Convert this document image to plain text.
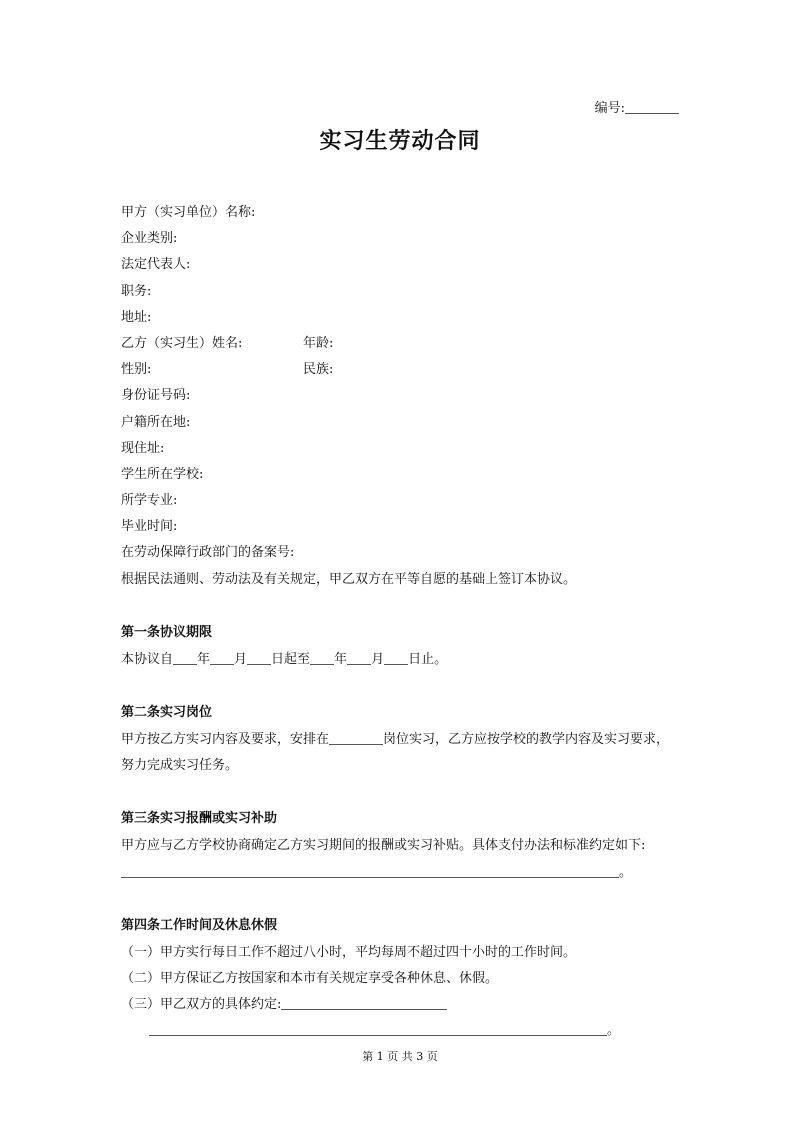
编号:
实习生劳动合同
甲方（实习单位）名称:
企业类别:
法定代表人:
职务:
地址:
乙方（实习生）姓名:	年龄:
性别:	民族:
身份证号码:
户籍所在地:
现住址:
学生所在学校:
所学专业:
毕业时间:
在劳动保障行政部门的备案号:
根据民法通则、劳动法及有关规定，甲乙双方在平等自愿的基础上签订本协议。
第一条协议期限
本协议自 年 月 日起至 年 月 日止。
第二条实习岗位
甲方按乙方实习内容及要求，安排在	岗位实习，乙方应按学校的教学内容及实习要求，
努力完成实习任务。
第三条实习报酬或实习补助
甲方应与乙方学校协商确定乙方实习期间的报酬或实习补贴。具体支付办法和标准约定如下:
。
第四条工作时间及休息休假
（一）甲方实行每日工作不超过八小时，平均每周不超过四十小时的工作时间。
（二）甲方保证乙方按国家和本市有关规定享受各种休息、休假。
（三）甲乙双方的具体约定:
。
第 1 页 共 3 页
